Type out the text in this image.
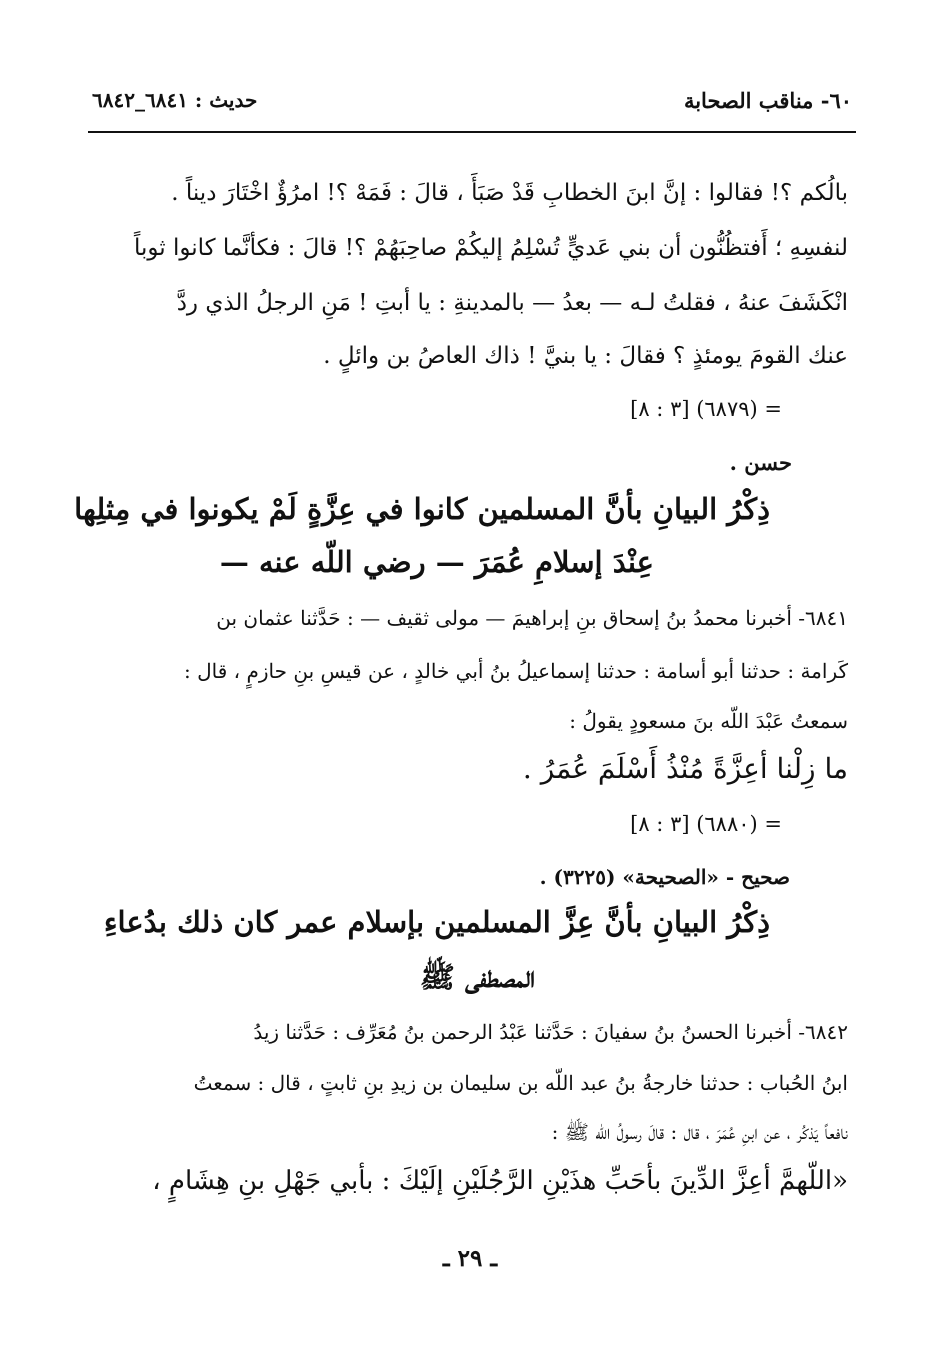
٦٠- مناقب الصحابة
حديث : ٦٨٤١_٦٨٤٢
بالُكم ؟! فقالوا : إنَّ ابنَ الخطابِ قَدْ صَبَأَ ، قالَ : فَمَهْ ؟! امرُؤٌ اخْتَارَ ديناً .
لنفسِهِ ؛ أَفتظُنُّون أن بني عَديٍّ تُسْلِمُ إليكُمْ صاحِبَهُمْ ؟! قالَ : فكأنَّما كانوا ثوباً
انْكَشَفَ عنهُ ، فقلتُ لـه — بعدُ — بالمدينةِ : يا أبتِ ! مَنِ الرجلُ الذي ردَّ
عنك القومَ يومئذٍ ؟ فقالَ : يا بنيَّ ! ذاك العاصُ بن وائلٍ .
= (٦٨٧٩) [٣ : ٨]
حسن .
ذِكْرُ البيانِ بأنَّ المسلمين كانوا في عِزَّةٍ لَمْ يكونوا في مِثلِها
عِنْدَ إسلامِ عُمَرَ — رضي اللّه عنه —
٦٨٤١- أخبرنا محمدُ بنُ إسحاق بنِ إبراهيمَ — مولى ثقيف — : حَدَّثنا عثمان بن
كَرامة : حدثنا أبو أسامة : حدثنا إسماعيلُ بنُ أبي خالدٍ ، عن قيسِ بنِ حازمٍ ، قال :
سمعتُ عَبْدَ اللّه بنَ مسعودٍ يقولُ :
ما زِلْنا أعِزَّةً مُنْذُ أَسْلَمَ عُمَرُ .
= (٦٨٨٠) [٣ : ٨]
صحيح - «الصحيحة» (٣٢٢٥) .
ذِكْرُ البيانِ بأنَّ عِزَّ المسلمين بإسلام عمر كان ذلك بدُعاءِ
المصطفى ﷺ
٦٨٤٢- أخبرنا الحسنُ بنُ سفيانَ : حَدَّثنا عَبْدُ الرحمن بنُ مُعَرِّف : حَدَّثنا زيدُ
ابنُ الحُباب : حدثنا خارجةُ بنُ عبد اللّه بن سليمان بن زيدِ بنِ ثابتٍ ، قال : سمعتُ
نافعاً يَذكُر ، عن ابنِ عُمَرَ ، قال : قالَ رسولُ اللّه ﷺ :
«اللّهمَّ أعِزَّ الدِّينَ بأحَبِّ هذَيْنِ الرَّجُلَيْنِ إلَيْكَ : بأبي جَهْلِ بنِ هِشَامٍ ،
ـ ٢٩ ـ
